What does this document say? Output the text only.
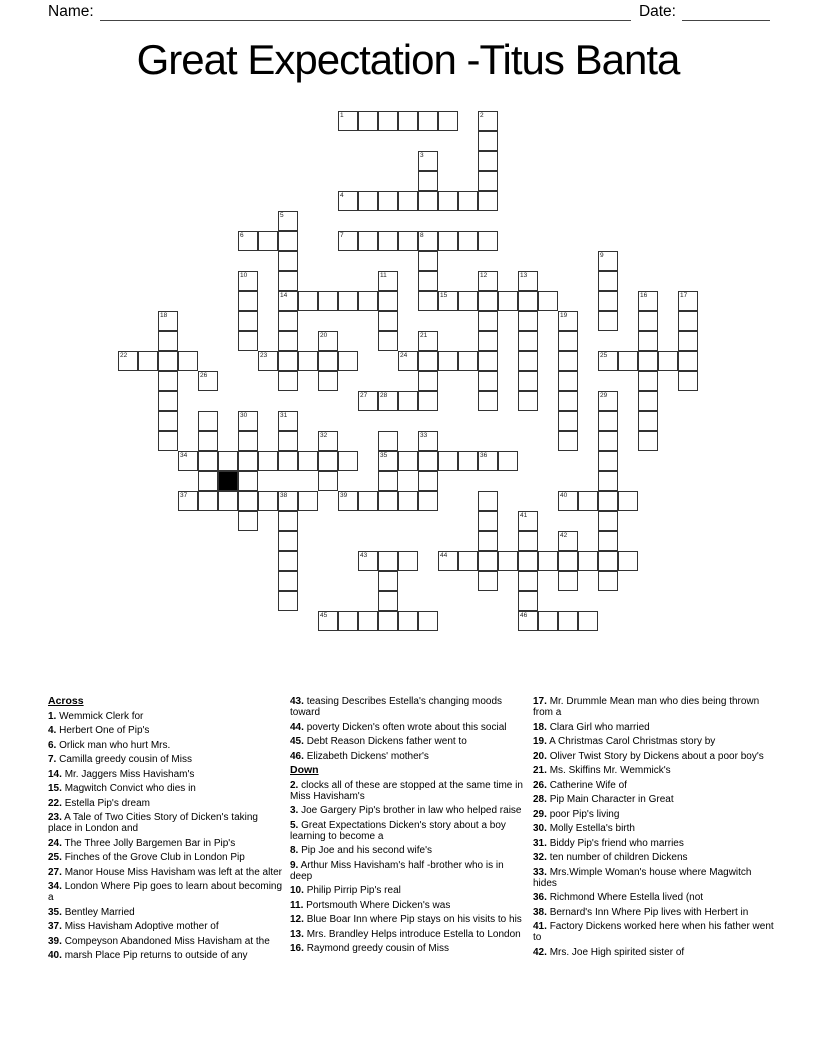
Name:	Date:
Great Expectation -Titus Banta
1	2
3
4
5
6	7	8
9
10	11	12	13
14	15	16	17
18	19
20	21
22	23	24	25
26
27 28	29
30	31
32	33
34	35	36
37	38	39	40
41
42
43	44
45	46
Across
1. Wemmick Clerk for
4. Herbert One of Pip's
6. Orlick man who hurt Mrs.
7. Camilla greedy cousin of Miss
14. Mr. Jaggers Miss Havisham's
15. Magwitch Convict who dies in
22. Estella Pip's dream
23. A Tale of Two Cities Story of Dicken's taking place in London and
24. The Three Jolly Bargemen Bar in Pip's
25. Finches of the Grove Club in London Pip
27. Manor House Miss Havisham was left at the alter
34. London Where Pip goes to learn about becoming a
35. Bentley Married
37. Miss Havisham Adoptive mother of
39. Compeyson Abandoned Miss Havisham at the
40. marsh Place Pip returns to outside of any
43. teasing Describes Estella's changing moods toward
44. poverty Dicken's often wrote about this social
45. Debt Reason Dickens father went to
46. Elizabeth Dickens' mother's
Down
2. clocks all of these are stopped at the same time in Miss Havisham's
3. Joe Gargery Pip's brother in law who helped raise
5. Great Expectations Dicken's story about a boy learning to become a
8. Pip Joe and his second wife's
9. Arthur Miss Havisham's half -brother who is in deep
10. Philip Pirrip Pip's real
11. Portsmouth Where Dicken's was
12. Blue Boar Inn where Pip stays on his visits to his
13. Mrs. Brandley Helps introduce Estella to London
16. Raymond greedy cousin of Miss
17. Mr. Drummle Mean man who dies being thrown from a
18. Clara Girl who married
19. A Christmas Carol Christmas story by
20. Oliver Twist Story by Dickens about a poor boy's
21. Ms. Skiffins Mr. Wemmick's
26. Catherine Wife of
28. Pip Main Character in Great
29. poor Pip's living
30. Molly Estella's birth
31. Biddy Pip's friend who marries
32. ten number of children Dickens
33. Mrs.Wimple Woman's house where Magwitch hides
36. Richmond Where Estella lived (not
38. Bernard's Inn Where Pip lives with Herbert in
41. Factory Dickens worked here when his father went to
42. Mrs. Joe High spirited sister of
